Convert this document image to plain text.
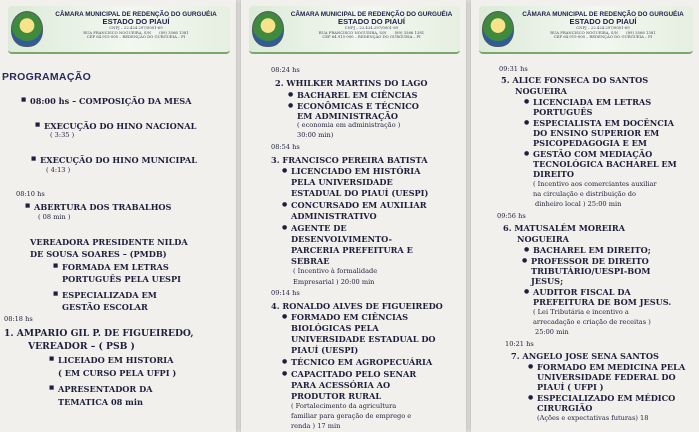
CÂMARA MUNICIPAL DE REDENÇÃO DO GURGUÉIA
ESTADO DO PIAUÍ
CNPJ – 22.424.297/0001-69
RUA FRANCISCO NOGUEIRA, S/N (89) 3566 1381
CEP 64.915-000 – REDENÇÃO DO GURGUEIA – PI
PROGRAMAÇÃO
■ 08:00 hs – COMPOSIÇÃO DA MESA
■ EXECUÇÃO DO HINO NACIONAL
( 3:35 )
■ EXECUÇÃO DO HINO MUNICIPAL
( 4:13 )
08:10 hs
■ ABERTURA DOS TRABALHOS
( 08 min )
VEREADORA PRESIDENTE NILDA
DE SOUSA SOARES – (PMDB)
■ FORMADA EM LETRAS
PORTUGUÊS PELA UESPI
■ ESPECIALIZADA EM
GESTÃO ESCOLAR
08:18 hs
1. AMPARIO GIL P. DE FIGUEIREDO,
VEREADOR – ( PSB )
■ LICEIADO EM HISTORIA
( EM CURSO PELA UFPI )
■ APRESENTADOR DA
TEMATICA 08 min
CÂMARA MUNICIPAL DE REDENÇÃO DO GURGUÉIA
ESTADO DO PIAUÍ
CNPJ – 22.424.297/0001-69
RUA FRANCISCO NOGUEIRA, S/N (89) 3566 1381
CEP 64.915-000 – REDENÇÃO DO GURGUEIA – PI
08:24 hs
2. WHILKER MARTINS DO LAGO
● BACHAREL EM CIÊNCIAS
● ECONÔMICAS E TÉCNICO
EM ADMINISTRAÇÃO
( economia em administração )
30:00 min)
08:54 hs
3. FRANCISCO PEREIRA BATISTA
● LICENCIADO EM HISTÓRIA
PELA UNIVERSIDADE
ESTADUAL DO PIAUÍ (UESPI)
● CONCURSADO EM AUXILIAR
ADMINISTRATIVO
● AGENTE DE
DESENVOLVIMENTO-
PARCERIA PREFEITURA E
SEBRAE
( Incentivo à formalidade
Empresarial ) 20:00 min
09:14 hs
4. RONALDO ALVES DE FIGUEIREDO
● FORMADO EM CIÊNCIAS
BIOLÓGICAS PELA
UNIVERSIDADE ESTADUAL DO
PIAUÍ (UESPI)
● TÉCNICO EM AGROPECUÁRIA
● CAPACITADO PELO SENAR
PARA ACESSÓRIA AO
PRODUTOR RURAL
( Fortalecimento da agricultura
familiar para geração de emprego e
renda ) 17 min
CÂMARA MUNICIPAL DE REDENÇÃO DO GURGUÉIA
ESTADO DO PIAUÍ
CNPJ – 22.424.297/0001-69
RUA FRANCISCO NOGUEIRA, S/N (89) 3566 1381
CEP 64.915-000 – REDENÇÃO DO GURGUEIA – PI
09:31 hs
5. ALICE FONSECA DO SANTOS
NOGUEIRA
● LICENCIADA EM LETRAS
PORTUGUÊS
● ESPECIALISTA EM DOCÊNCIA
DO ENSINO SUPERIOR EM
PSICOPEDAGOGIA E EM
● GESTÃO COM MEDIAÇÃO
TECNOLÓGICA BACHAREL EM
DIREITO
( Incentivo aos comerciantes auxiliar
na circulação e distribuição do
dinheiro local ) 25:00 min
09:56 hs
6. MATUSALÉM MOREIRA
NOGUEIRA
● BACHAREL EM DIREITO;
● PROFESSOR DE DIREITO
TRIBUTÁRIO/UESPI-BOM
JESUS;
● AUDITOR FISCAL DA
PREFEITURA DE BOM JESUS.
( Lei Tributária e incentivo a
arrecadação e criação de receitas )
25:00 min
10:21 hs
7. ANGELO JOSE SENA SANTOS
● FORMADO EM MEDICINA PELA
UNIVERSIDADE FEDERAL DO
PIAUÍ ( UFPI )
● ESPECIALIZADO EM MÉDICO
CIRURGIÃO
(Ações e expectativas futuras) 18
